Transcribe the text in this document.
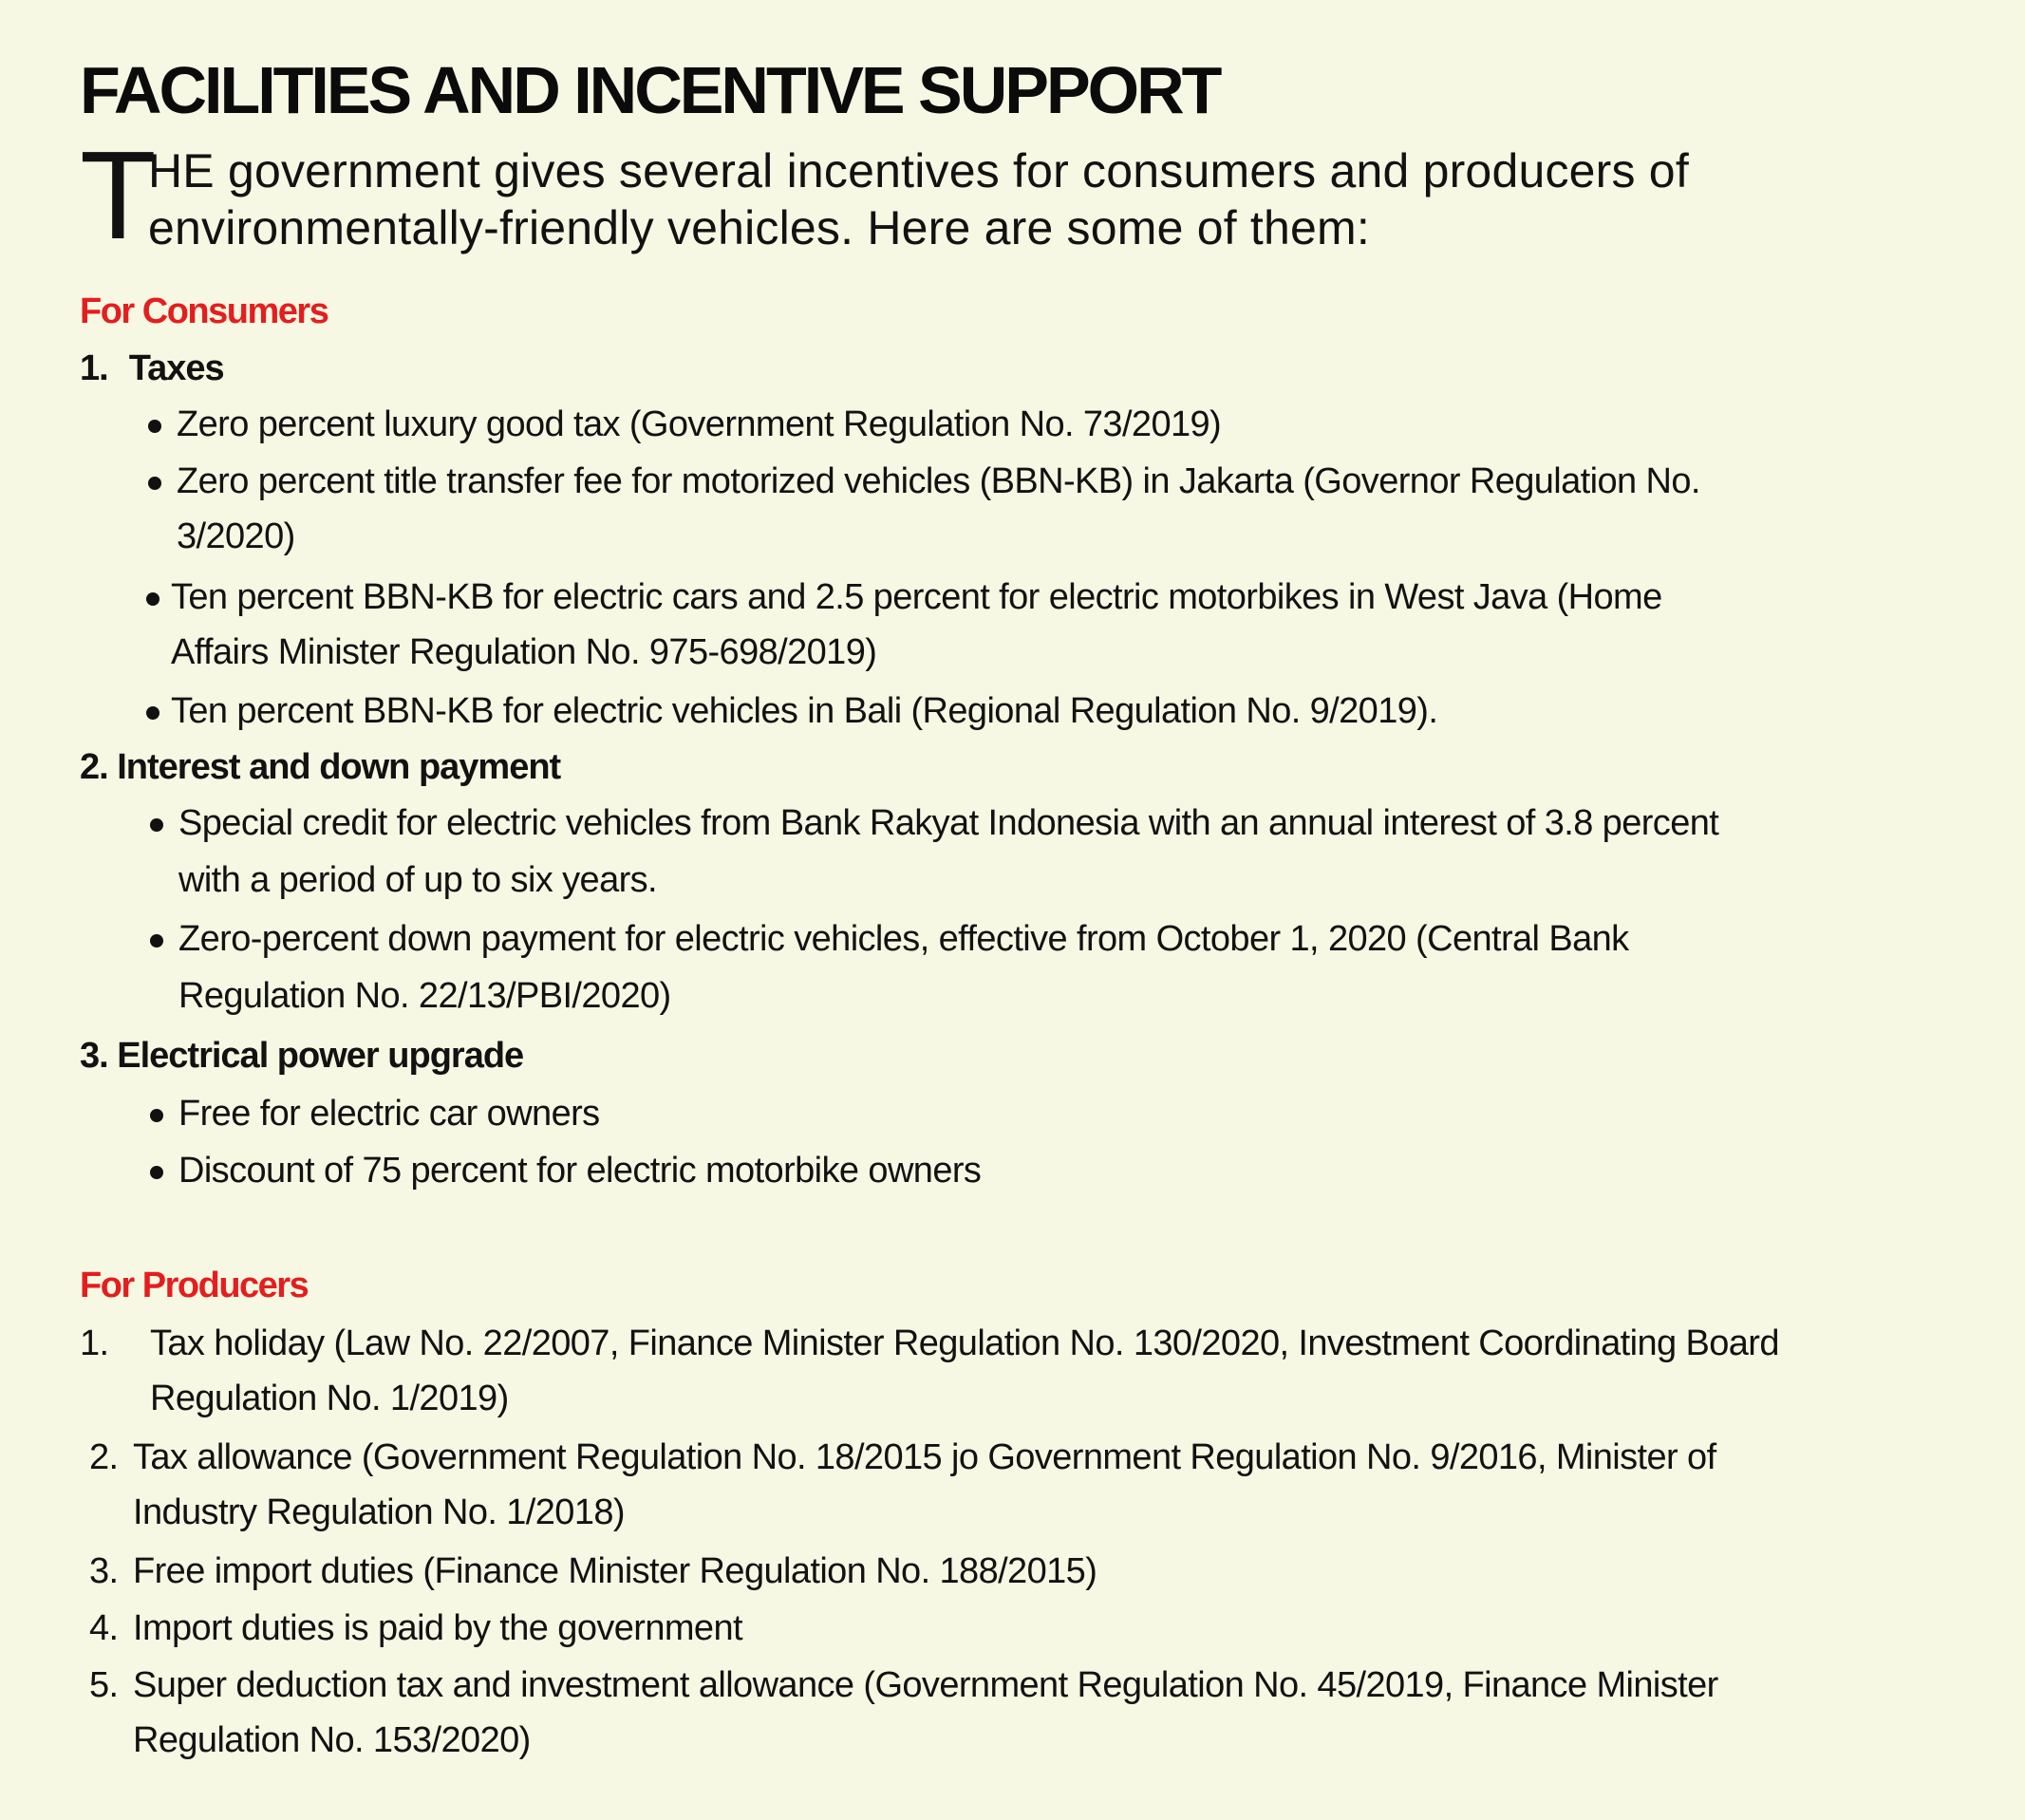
FACILITIES AND INCENTIVE SUPPORT
T
HE government gives several incentives for consumers and producers of
environmentally-friendly vehicles. Here are some of them:
For Consumers
1. Taxes
Zero percent luxury good tax (Government Regulation No. 73/2019)
Zero percent title transfer fee for motorized vehicles (BBN-KB) in Jakarta (Governor Regulation No.
3/2020)
Ten percent BBN-KB for electric cars and 2.5 percent for electric motorbikes in West Java (Home
Affairs Minister Regulation No. 975-698/2019)
Ten percent BBN-KB for electric vehicles in Bali (Regional Regulation No. 9/2019).
2. Interest and down payment
Special credit for electric vehicles from Bank Rakyat Indonesia with an annual interest of 3.8 percent
with a period of up to six years.
Zero-percent down payment for electric vehicles, effective from October 1, 2020 (Central Bank
Regulation No. 22/13/PBI/2020)
3. Electrical power upgrade
Free for electric car owners
Discount of 75 percent for electric motorbike owners
For Producers
1. Tax holiday (Law No. 22/2007, Finance Minister Regulation No. 130/2020, Investment Coordinating Board
Regulation No. 1/2019)
2. Tax allowance (Government Regulation No. 18/2015 jo Government Regulation No. 9/2016, Minister of
Industry Regulation No. 1/2018)
3. Free import duties (Finance Minister Regulation No. 188/2015)
4. Import duties is paid by the government
5. Super deduction tax and investment allowance (Government Regulation No. 45/2019, Finance Minister
Regulation No. 153/2020)
